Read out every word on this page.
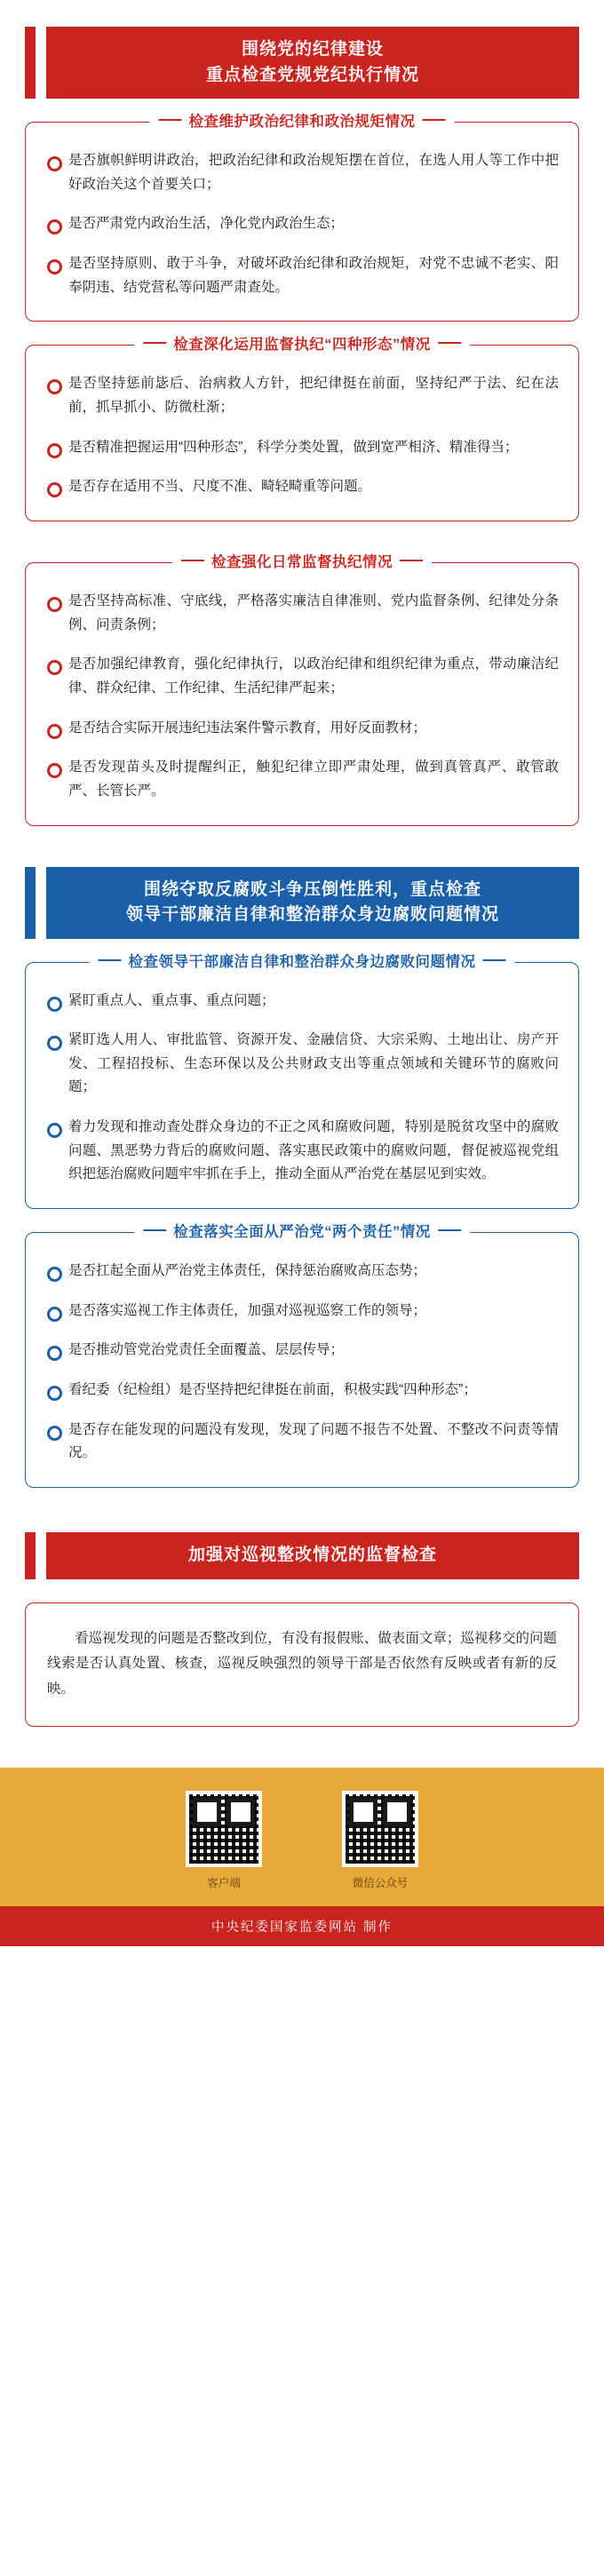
围绕党的纪律建设
重点检查党规党纪执行情况
检查维护政治纪律和政治规矩情况
是否旗帜鲜明讲政治，把政治纪律和政治规矩摆在首位，在选人用人等工作中把好政治关这个首要关口；
是否严肃党内政治生活，净化党内政治生态；
是否坚持原则、敢于斗争，对破坏政治纪律和政治规矩，对党不忠诚不老实、阳奉阴违、结党营私等问题严肃查处。
检查深化运用监督执纪“四种形态”情况
是否坚持惩前毖后、治病救人方针，把纪律挺在前面，坚持纪严于法、纪在法前，抓早抓小、防微杜渐；
是否精准把握运用“四种形态”，科学分类处置，做到宽严相济、精准得当；
是否存在适用不当、尺度不准、畸轻畸重等问题。
检查强化日常监督执纪情况
是否坚持高标准、守底线，严格落实廉洁自律准则、党内监督条例、纪律处分条例、问责条例；
是否加强纪律教育，强化纪律执行，以政治纪律和组织纪律为重点，带动廉洁纪律、群众纪律、工作纪律、生活纪律严起来；
是否结合实际开展违纪违法案件警示教育，用好反面教材；
是否发现苗头及时提醒纠正，触犯纪律立即严肃处理，做到真管真严、敢管敢严、长管长严。
围绕夺取反腐败斗争压倒性胜利，重点检查
领导干部廉洁自律和整治群众身边腐败问题情况
检查领导干部廉洁自律和整治群众身边腐败问题情况
紧盯重点人、重点事、重点问题；
紧盯选人用人、审批监管、资源开发、金融信贷、大宗采购、土地出让、房产开发、工程招投标、生态环保以及公共财政支出等重点领域和关键环节的腐败问题；
着力发现和推动查处群众身边的不正之风和腐败问题，特别是脱贫攻坚中的腐败问题、黑恶势力背后的腐败问题、落实惠民政策中的腐败问题，督促被巡视党组织把惩治腐败问题牢牢抓在手上，推动全面从严治党在基层见到实效。
检查落实全面从严治党“两个责任”情况
是否扛起全面从严治党主体责任，保持惩治腐败高压态势；
是否落实巡视工作主体责任，加强对巡视巡察工作的领导；
是否推动管党治党责任全面覆盖、层层传导；
看纪委（纪检组）是否坚持把纪律挺在前面，积极实践“四种形态”；
是否存在能发现的问题没有发现，发现了问题不报告不处置、不整改不问责等情况。
加强对巡视整改情况的监督检查
看巡视发现的问题是否整改到位，有没有报假账、做表面文章；巡视移交的问题线索是否认真处置、核查，巡视反映强烈的领导干部是否依然有反映或者有新的反映。
客户端	微信公众号
中央纪委国家监委网站 制作
